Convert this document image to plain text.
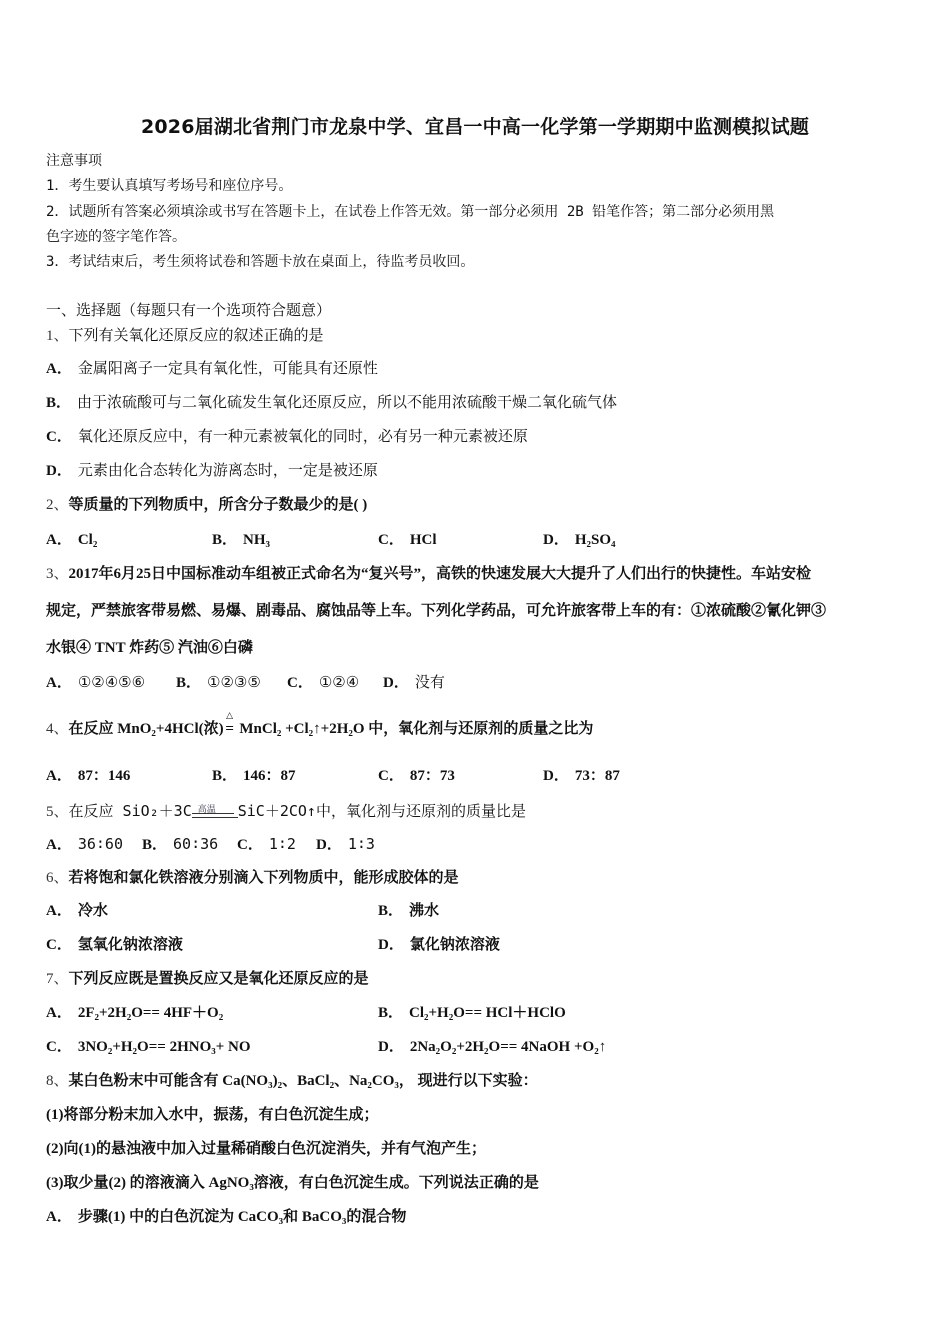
2026届湖北省荆门市龙泉中学、宜昌一中高一化学第一学期期中监测模拟试题
注意事项
1．考生要认真填写考场号和座位序号。
2．试题所有答案必须填涂或书写在答题卡上，在试卷上作答无效。第一部分必须用 2B 铅笔作答；第二部分必须用黑
色字迹的签字笔作答。
3．考试结束后，考生须将试卷和答题卡放在桌面上，待监考员收回。
一、选择题（每题只有一个选项符合题意）
1、下列有关氧化还原反应的叙述正确的是
A． 金属阳离子一定具有氧化性，可能具有还原性
B． 由于浓硫酸可与二氧化硫发生氧化还原反应，所以不能用浓硫酸干燥二氧化硫气体
C． 氧化还原反应中，有一种元素被氧化的同时，必有另一种元素被还原
D． 元素由化合态转化为游离态时，一定是被还原
2、等质量的下列物质中，所含分子数最少的是( )
A． Cl₂	B． NH₃	C． HCl	D． H₂SO₄
3、2017年6月25日中国标准动车组被正式命名为“复兴号”，高铁的快速发展大大提升了人们出行的快捷性。车站安检
规定，严禁旅客带易燃、易爆、剧毒品、腐蚀品等上车。下列化学药品，可允许旅客带上车的有：①浓硫酸②氰化钾③
水银④ TNT 炸药⑤ 汽油⑥白磷
A． ①②④⑤⑥ B． ①②③⑤ C． ①②④ D． 没有
4、在反应 MnO₂+4HCl(浓)
△
= MnCl₂ +Cl₂↑+2H₂O 中，氧化剂与还原剂的质量之比为
A． 87：146	B． 146：87	C． 87：73	D． 73：87
5、在反应 SiO₂＋3C 高温 SiC＋2CO↑中，氧化剂与还原剂的质量比是
A． 36∶60 B． 60∶36 C． 1∶2 D． 1∶3
6、若将饱和氯化铁溶液分别滴入下列物质中，能形成胶体的是
A． 冷水	B． 沸水
C． 氢氧化钠浓溶液	D． 氯化钠浓溶液
7、下列反应既是置换反应又是氧化还原反应的是
A． 2F₂+2H₂O== 4HF＋O₂	B． Cl₂+H₂O== HCl＋HClO
C． 3NO₂+H₂O== 2HNO₃+ NO	D． 2Na₂O₂+2H₂O== 4NaOH +O₂↑
8、某白色粉末中可能含有 Ca(NO₃)₂、BaCl₂、Na₂CO₃， 现进行以下实验：
(1)将部分粉末加入水中，振荡，有白色沉淀生成；
(2)向(1)的悬浊液中加入过量稀硝酸白色沉淀消失，并有气泡产生；
(3)取少量(2) 的溶液滴入 AgNO₃溶液，有白色沉淀生成。下列说法正确的是
A． 步骤(1) 中的白色沉淀为 CaCO₃和 BaCO₃的混合物
